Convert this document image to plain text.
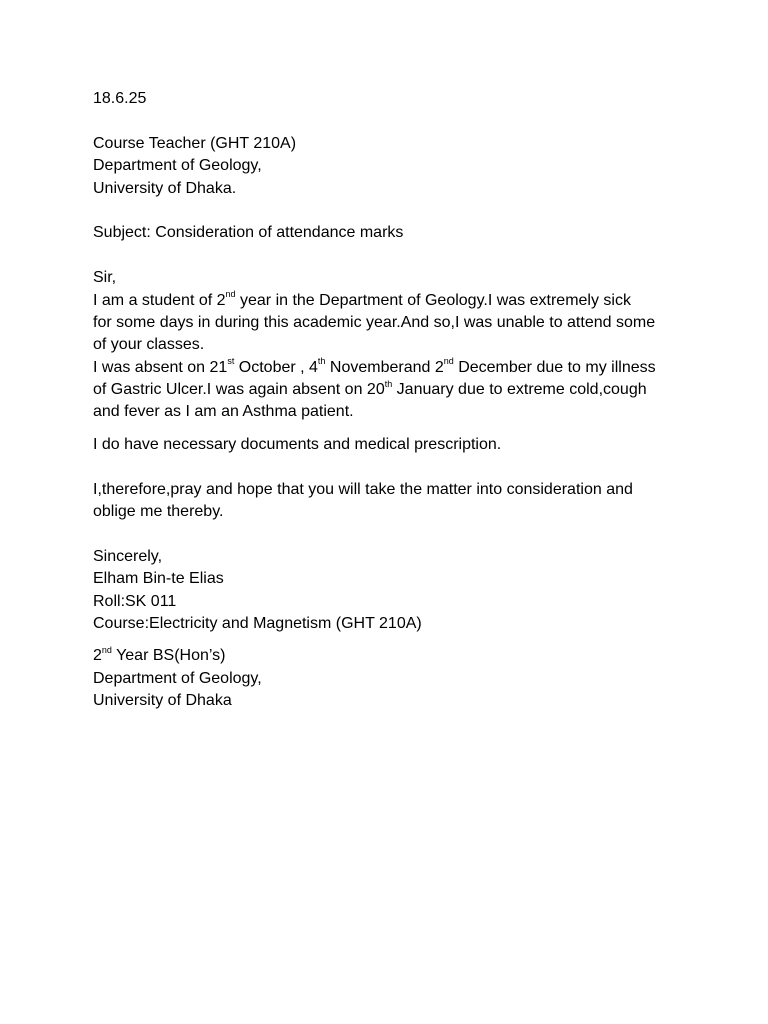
18.6.25
Course Teacher (GHT 210A)
Department of Geology,
University of Dhaka.
Subject: Consideration of attendance marks
Sir,
I am a student of 2nd year in the Department of Geology.I was extremely sick
for some days in during this academic year.And so,I was unable to attend some
of your classes.
I was absent on 21st October , 4th Novemberand 2nd December due to my illness
of Gastric Ulcer.I was again absent on 20th January due to extreme cold,cough
and fever as I am an Asthma patient.
I do have necessary documents and medical prescription.
I,therefore,pray and hope that you will take the matter into consideration and
oblige me thereby.
Sincerely,
Elham Bin-te Elias
Roll:SK 011
Course:Electricity and Magnetism (GHT 210A)
2nd Year BS(Hon’s)
Department of Geology,
University of Dhaka
